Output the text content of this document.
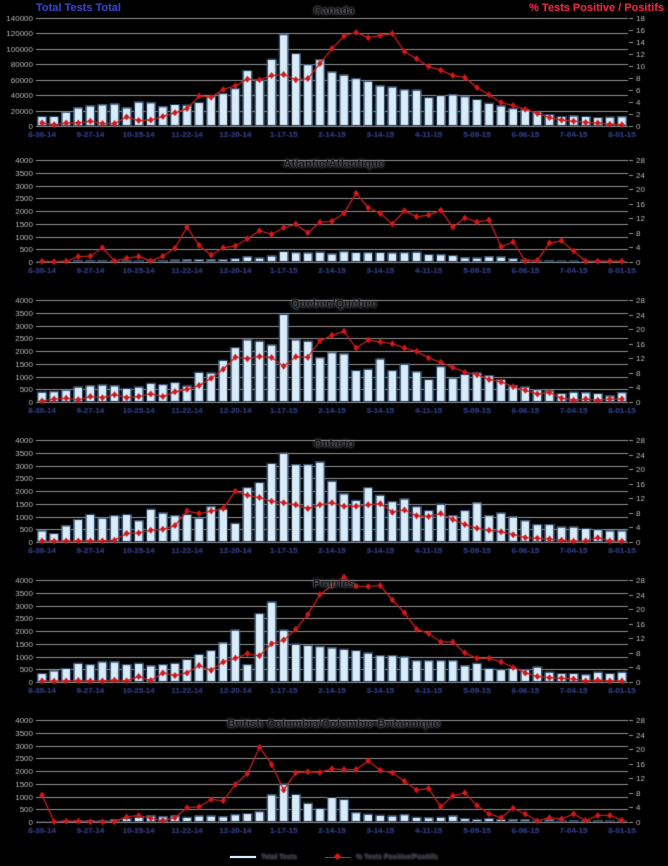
Total Tests Total	% Tests Positive / Positifs
Canada
Atlantic/Atlantique
Quebec/Québec
Ontario
Prairies
British Columbia/Colombie-Britannique
Total Tests	% Tests Positive/Positifs
